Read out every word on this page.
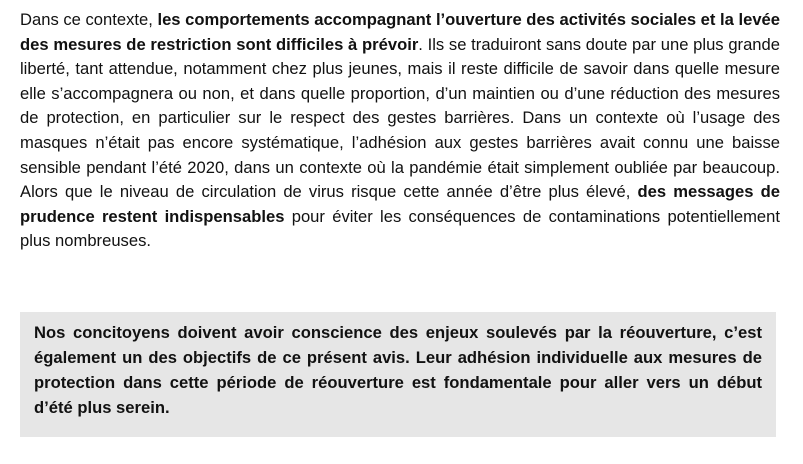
Dans ce contexte, les comportements accompagnant l’ouverture des activités sociales et la levée des mesures de restriction sont difficiles à prévoir. Ils se traduiront sans doute par une plus grande liberté, tant attendue, notamment chez plus jeunes, mais il reste difficile de savoir dans quelle mesure elle s’accompagnera ou non, et dans quelle proportion, d’un maintien ou d’une réduction des mesures de protection, en particulier sur le respect des gestes barrières. Dans un contexte où l’usage des masques n’était pas encore systématique, l’adhésion aux gestes barrières avait connu une baisse sensible pendant l’été 2020, dans un contexte où la pandémie était simplement oubliée par beaucoup. Alors que le niveau de circulation de virus risque cette année d’être plus élevé, des messages de prudence restent indispensables pour éviter les conséquences de contaminations potentiellement plus nombreuses.

Nos concitoyens doivent avoir conscience des enjeux soulevés par la réouverture, c’est également un des objectifs de ce présent avis. Leur adhésion individuelle aux mesures de protection dans cette période de réouverture est fondamentale pour aller vers un début d’été plus serein.
